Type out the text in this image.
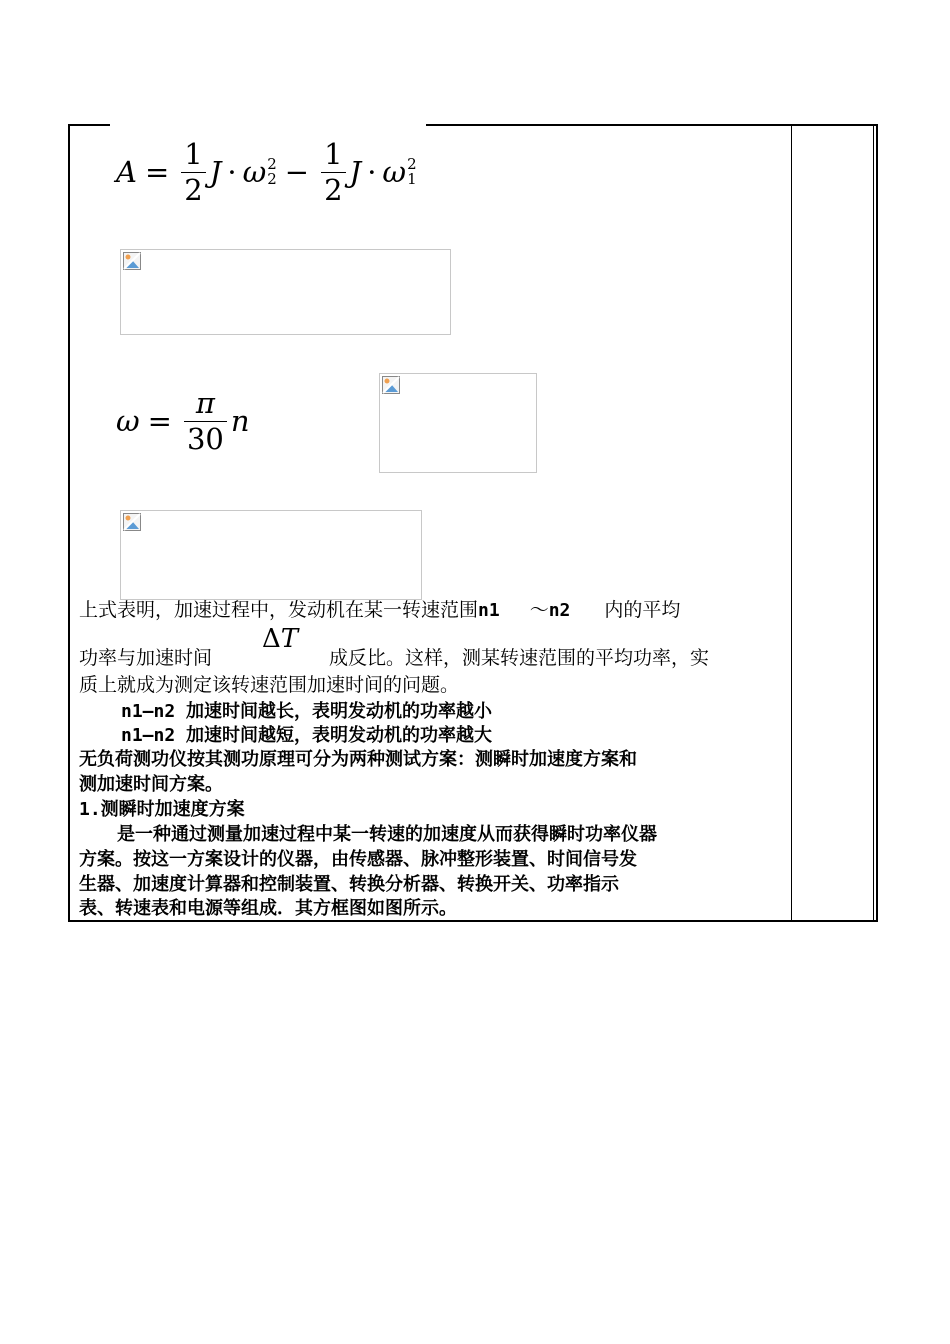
$A = \frac{1}{2}$ J · ω 2
$2 - \frac{1}{2}$ J · ω 2
1
$\omega = \frac{\pi}{30}$ n
上式表明，加速过程中，发动机在某一转速范围n1 ～n2 内的平均
功率与加速时间
ΔT
成反比。这样，测某转速范围的平均功率，实
质上就成为测定该转速范围加速时间的问题。
n1—n2 加速时间越长，表明发动机的功率越小
n1—n2 加速时间越短，表明发动机的功率越大
无负荷测功仪按其测功原理可分为两种测试方案：测瞬时加速度方案和
测加速时间方案。
1.测瞬时加速度方案
是一种通过测量加速过程中某一转速的加速度从而获得瞬时功率仪器
方案。按这一方案设计的仪器，由传感器、脉冲整形装置、时间信号发
生器、加速度计算器和控制装置、转换分析器、转换开关、功率指示
表、转速表和电源等组成．其方框图如图所示。
